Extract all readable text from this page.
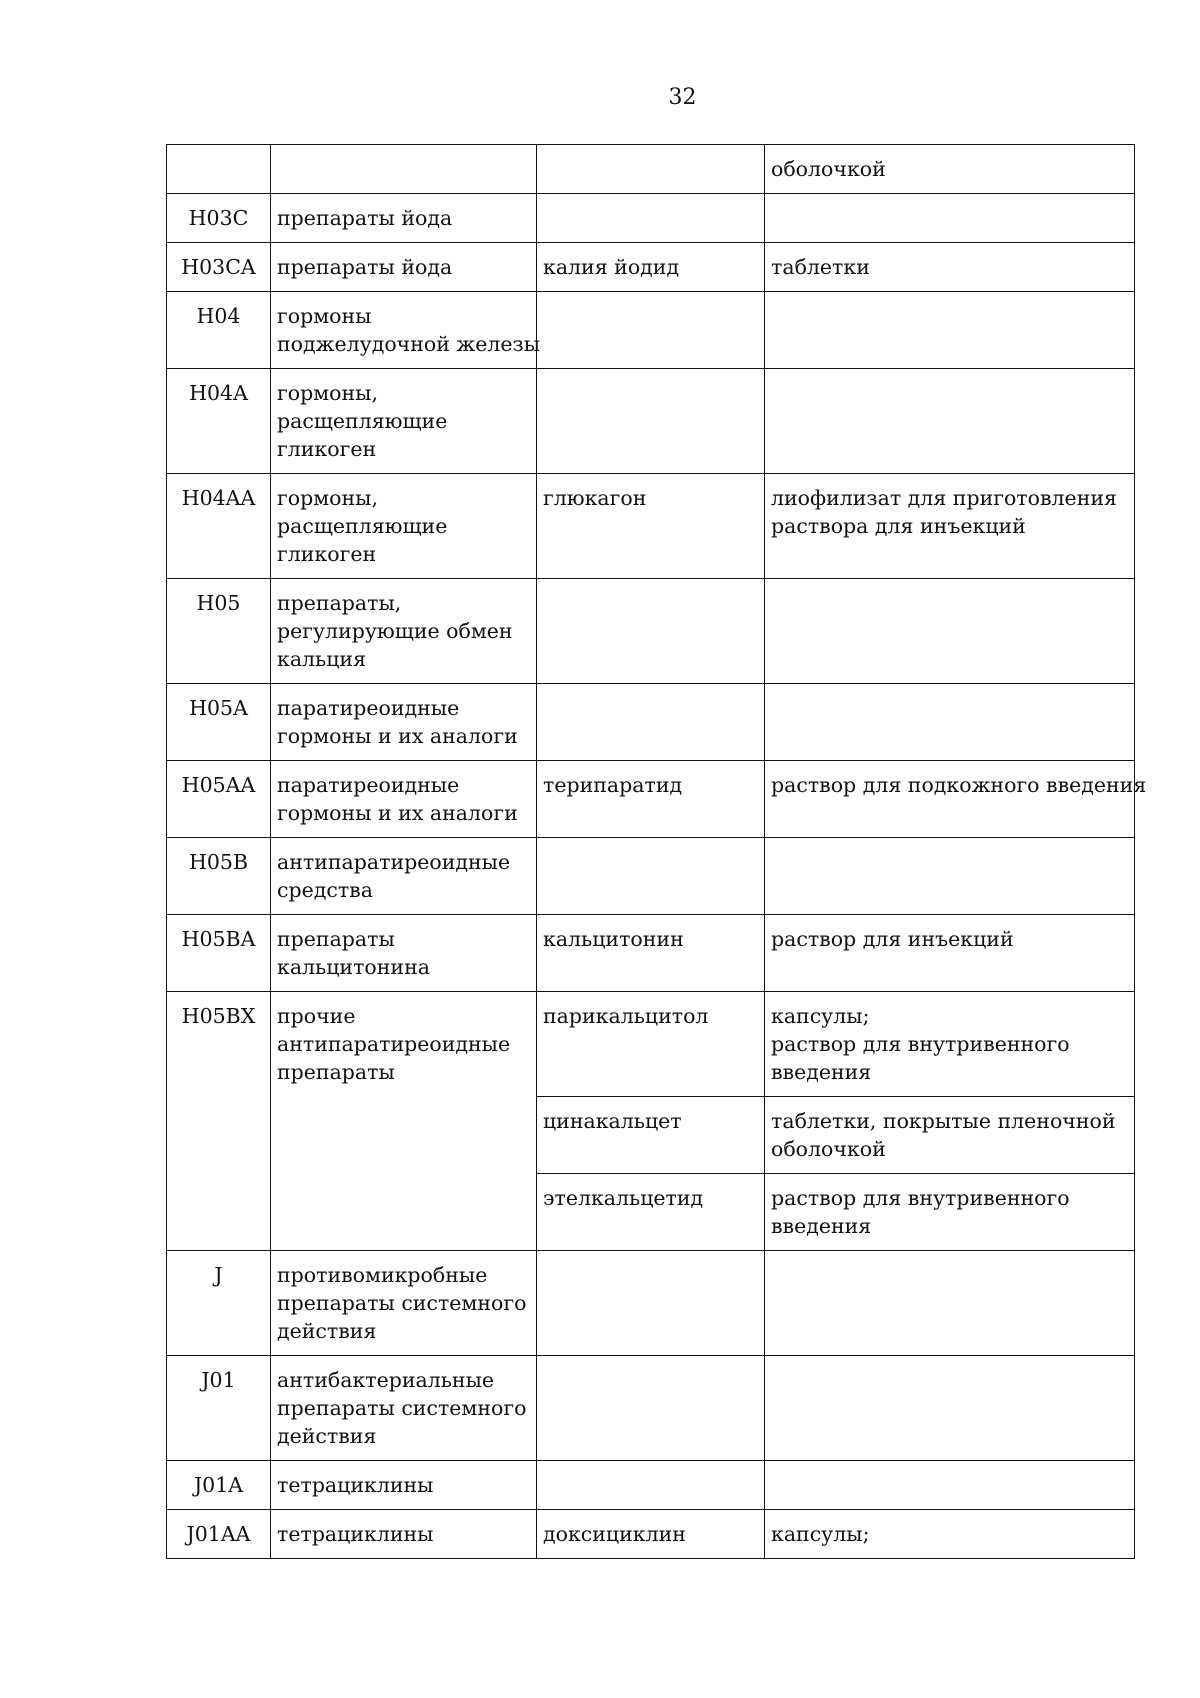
32

			оболочкой

H03C	препараты йода		

H03CA	препараты йода	калия йодид	таблетки

H04	гормоны
поджелудочной железы		

H04A	гормоны,
расщепляющие
гликоген		

H04AA	гормоны,
расщепляющие
гликоген	глюкагон	лиофилизат для приготовления
раствора для инъекций

H05	препараты,
регулирующие обмен
кальция		

H05A	паратиреоидные
гормоны и их аналоги		

H05AA	паратиреоидные
гормоны и их аналоги	терипаратид	раствор для подкожного введения

H05B	антипаратиреоидные
средства		

H05BA	препараты
кальцитонина	кальцитонин	раствор для инъекций

H05BX	прочие
антипаратиреоидные
препараты	парикальцитол	капсулы;
раствор для внутривенного
введения

		цинакальцет	таблетки, покрытые пленочной
оболочкой

		этелкальцетид	раствор для внутривенного
введения

J	противомикробные
препараты системного
действия		

J01	антибактериальные
препараты системного
действия		

J01A	тетрациклины		

J01AA	тетрациклины	доксициклин	капсулы;
